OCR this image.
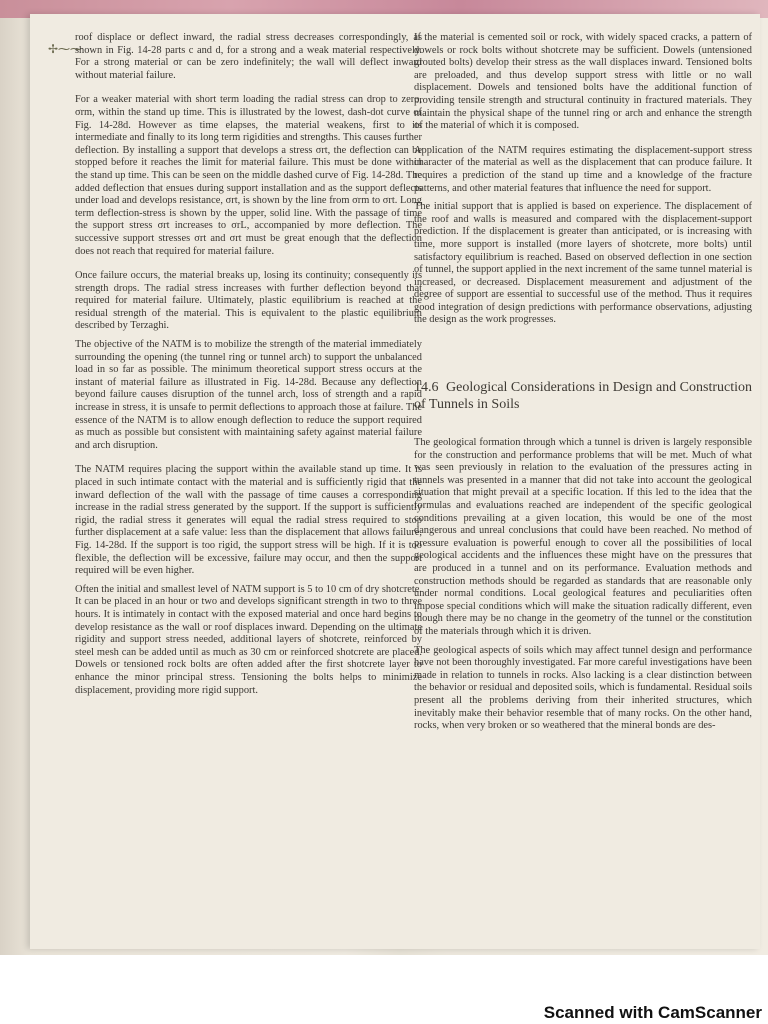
✢⁓⁓

roof displace or deflect inward, the radial stress decreases correspondingly, as shown in Fig. 14-28 parts c and d, for a strong and a weak material respectively. For a strong material σr can be zero indefinitely; the wall will deflect inward without material failure.

For a weaker material with short term loading the radial stress can drop to zero, σrm, within the stand up time. This is illustrated by the lowest, dash-dot curve of Fig. 14-28d. However as time elapses, the material weakens, first to its intermediate and finally to its long term rigidities and strengths. This causes further deflection. By installing a support that develops a stress σrt, the deflection can be stopped before it reaches the limit for material failure. This must be done within the stand up time. This can be seen on the middle dashed curve of Fig. 14-28d. The added deflection that ensues during support installation and as the support deflects under load and develops resistance, σrt, is shown by the line from σrm to σrt. Long term deflection-stress is shown by the upper, solid line. With the passage of time the support stress σrt increases to σrL, accompanied by more deflection. The successive support stresses σrt and σrt must be great enough that the deflection does not reach that required for material failure.

Once failure occurs, the material breaks up, losing its continuity; consequently its strength drops. The radial stress increases with further deflection beyond that required for material failure. Ultimately, plastic equilibrium is reached at the residual strength of the material. This is equivalent to the plastic equilibrium described by Terzaghi.

The objective of the NATM is to mobilize the strength of the material immediately surrounding the opening (the tunnel ring or tunnel arch) to support the unbalanced load in so far as possible. The minimum theoretical support stress occurs at the instant of material failure as illustrated in Fig. 14-28d. Because any deflection beyond failure causes disruption of the tunnel arch, loss of strength and a rapid increase in stress, it is unsafe to permit deflections to approach those at failure. The essence of the NATM is to allow enough deflection to reduce the support required as much as possible but consistent with maintaining safety against material failure and arch disruption.

The NATM requires placing the support within the available stand up time. It is placed in such intimate contact with the material and is sufficiently rigid that the inward deflection of the wall with the passage of time causes a corresponding increase in the radial stress generated by the support. If the support is sufficiently rigid, the radial stress it generates will equal the radial stress required to stop further displacement at a safe value: less than the displacement that allows failure, Fig. 14-28d. If the support is too rigid, the support stress will be high. If it is too flexible, the deflection will be excessive, failure may occur, and then the support required will be even higher.

Often the initial and smallest level of NATM support is 5 to 10 cm of dry shotcrete. It can be placed in an hour or two and develops significant strength in two to three hours. It is intimately in contact with the exposed material and once hard begins to develop resistance as the wall or roof displaces inward. Depending on the ultimate rigidity and support stress needed, additional layers of shotcrete, reinforced by steel mesh can be added until as much as 30 cm or reinforced shotcrete are placed. Dowels or tensioned rock bolts are often added after the first shotcrete layer to enhance the minor principal stress. Tensioning the bolts helps to minimize displacement, providing more rigid support.

If the material is cemented soil or rock, with widely spaced cracks, a pattern of dowels or rock bolts without shotcrete may be sufficient. Dowels (untensioned grouted bolts) develop their stress as the wall displaces inward. Tensioned bolts are preloaded, and thus develop support stress with little or no wall displacement. Dowels and tensioned bolts have the additional function of providing tensile strength and structural continuity in fractured materials. They maintain the physical shape of the tunnel ring or arch and enhance the strength of the material of which it is composed.

Application of the NATM requires estimating the displacement-support stress character of the material as well as the displacement that can produce failure. It requires a prediction of the stand up time and a knowledge of the fracture patterns, and other material features that influence the need for support.

The initial support that is applied is based on experience. The displacement of the roof and walls is measured and compared with the displacement-support prediction. If the displacement is greater than anticipated, or is increasing with time, more support is installed (more layers of shotcrete, more bolts) until satisfactory equilibrium is reached. Based on observed deflection in one section of tunnel, the support applied in the next increment of the same tunnel material is increased, or decreased. Displacement measurement and adjustment of the degree of support are essential to successful use of the method. Thus it requires good integration of design predictions with performance observations, adjusting the design as the work progresses.

14.6 Geological Considerations in Design and Construction of Tunnels in Soils

The geological formation through which a tunnel is driven is largely responsible for the construction and performance problems that will be met. Much of what was seen previously in relation to the evaluation of the pressures acting in tunnels was presented in a manner that did not take into account the geological situation that might prevail at a specific location. If this led to the idea that the formulas and evaluations reached are independent of the specific geological conditions prevailing at a given location, this would be one of the most dangerous and unreal conclusions that could have been reached. No method of pressure evaluation is powerful enough to cover all the possibilities of local geological accidents and the influences these might have on the pressures that are produced in a tunnel and on its performance. Evaluation methods and construction methods should be regarded as standards that are reasonable only under normal conditions. Local geological features and peculiarities often impose special conditions which will make the situation radically different, even though there may be no change in the geometry of the tunnel or the constitution of the materials through which it is driven.

The geological aspects of soils which may affect tunnel design and performance have not been thoroughly investigated. Far more careful investigations have been made in relation to tunnels in rocks. Also lacking is a clear distinction between the behavior or residual and deposited soils, which is fundamental. Residual soils present all the problems deriving from their inherited structures, which inevitably make their behavior resemble that of many rocks. On the other hand, rocks, when very broken or so weathered that the mineral bonds are des-

Scanned with CamScanner
